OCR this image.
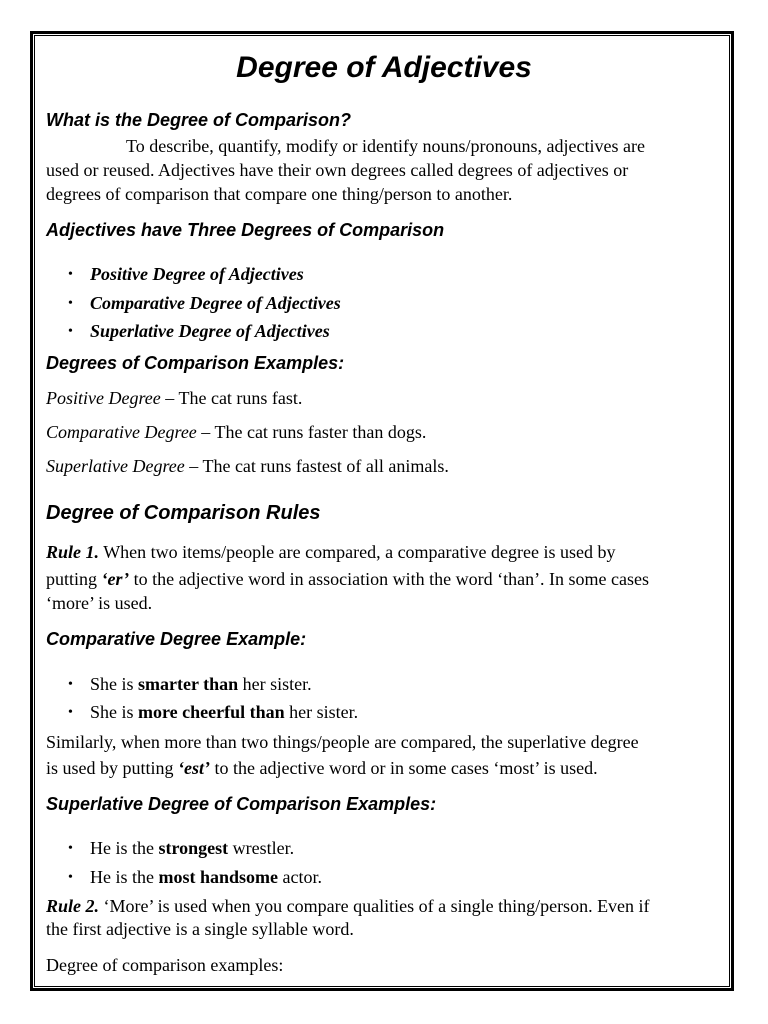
Degree of Adjectives
What is the Degree of Comparison?
To describe, quantify, modify or identify nouns/pronouns, adjectives are
used or reused. Adjectives have their own degrees called degrees of adjectives or
degrees of comparison that compare one thing/person to another.
Adjectives have Three Degrees of Comparison
• Positive Degree of Adjectives
• Comparative Degree of Adjectives
• Superlative Degree of Adjectives
Degrees of Comparison Examples:
Positive Degree – The cat runs fast.
Comparative Degree – The cat runs faster than dogs.
Superlative Degree – The cat runs fastest of all animals.
Degree of Comparison Rules
Rule 1. When two items/people are compared, a comparative degree is used by
putting ‘er’ to the adjective word in association with the word ‘than’. In some cases
‘more’ is used.
Comparative Degree Example:
• She is smarter than her sister.
• She is more cheerful than her sister.
Similarly, when more than two things/people are compared, the superlative degree
is used by putting ‘est’ to the adjective word or in some cases ‘most’ is used.
Superlative Degree of Comparison Examples:
• He is the strongest wrestler.
• He is the most handsome actor.
Rule 2. ‘More’ is used when you compare qualities of a single thing/person. Even if
the first adjective is a single syllable word.
Degree of comparison examples:
